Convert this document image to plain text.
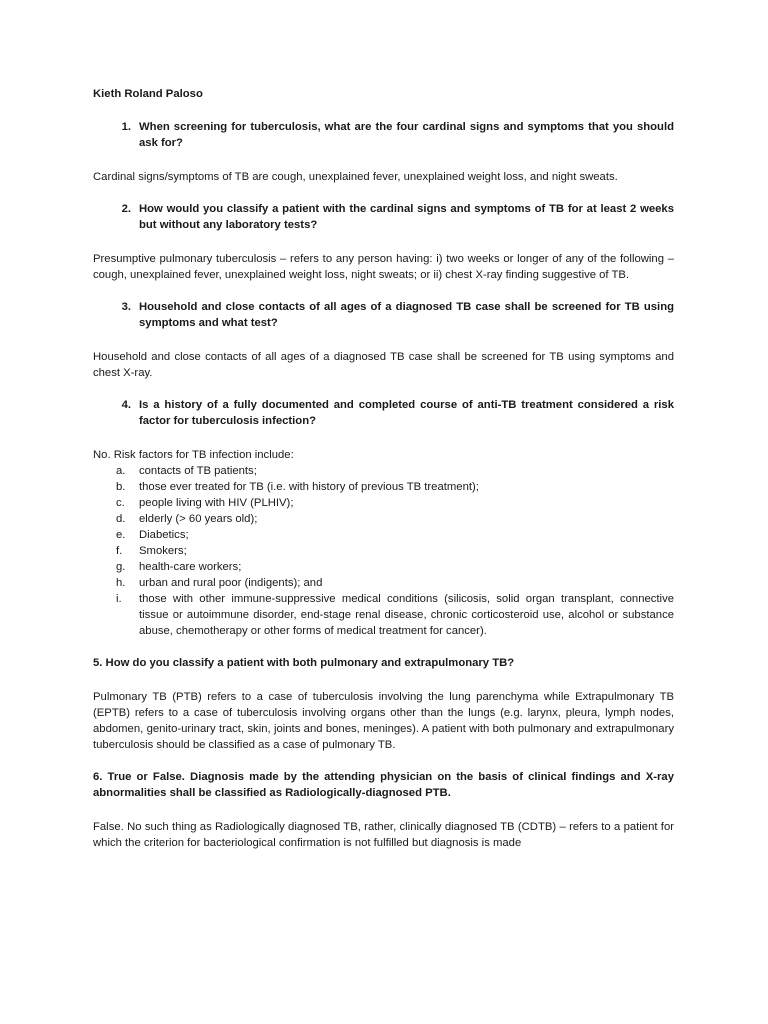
Kieth Roland Paloso
1. When screening for tuberculosis, what are the four cardinal signs and symptoms that you should ask for?

Cardinal signs/symptoms of TB are cough, unexplained fever, unexplained weight loss, and night sweats.

2. How would you classify a patient with the cardinal signs and symptoms of TB for at least 2 weeks but without any laboratory tests?

Presumptive pulmonary tuberculosis – refers to any person having: i) two weeks or longer of any of the following – cough, unexplained fever, unexplained weight loss, night sweats; or ii) chest X-ray finding suggestive of TB.

3. Household and close contacts of all ages of a diagnosed TB case shall be screened for TB using symptoms and what test?

Household and close contacts of all ages of a diagnosed TB case shall be screened for TB using symptoms and chest X-ray.

4. Is a history of a fully documented and completed course of anti-TB treatment considered a risk factor for tuberculosis infection?

No. Risk factors for TB infection include:

a.	contacts of TB patients;
b.	those ever treated for TB (i.e. with history of previous TB treatment);
c.	people living with HIV (PLHIV);
d.	elderly (> 60 years old);
e.	Diabetics;
f.	Smokers;
g.	health-care workers;
h.	urban and rural poor (indigents); and
i.	those with other immune-suppressive medical conditions (silicosis, solid organ transplant, connective tissue or autoimmune disorder, end-stage renal disease, chronic corticosteroid use, alcohol or substance abuse, chemotherapy or other forms of medical treatment for cancer).
5. How do you classify a patient with both pulmonary and extrapulmonary TB?

Pulmonary TB (PTB) refers to a case of tuberculosis involving the lung parenchyma while Extrapulmonary TB (EPTB) refers to a case of tuberculosis involving organs other than the lungs (e.g. larynx, pleura, lymph nodes, abdomen, genito-urinary tract, skin, joints and bones, meninges). A patient with both pulmonary and extrapulmonary tuberculosis should be classified as a case of pulmonary TB.

6. True or False. Diagnosis made by the attending physician on the basis of clinical findings and X-ray abnormalities shall be classified as Radiologically-diagnosed PTB.

False. No such thing as Radiologically diagnosed TB, rather, clinically diagnosed TB (CDTB) – refers to a patient for which the criterion for bacteriological confirmation is not fulfilled but diagnosis is made
